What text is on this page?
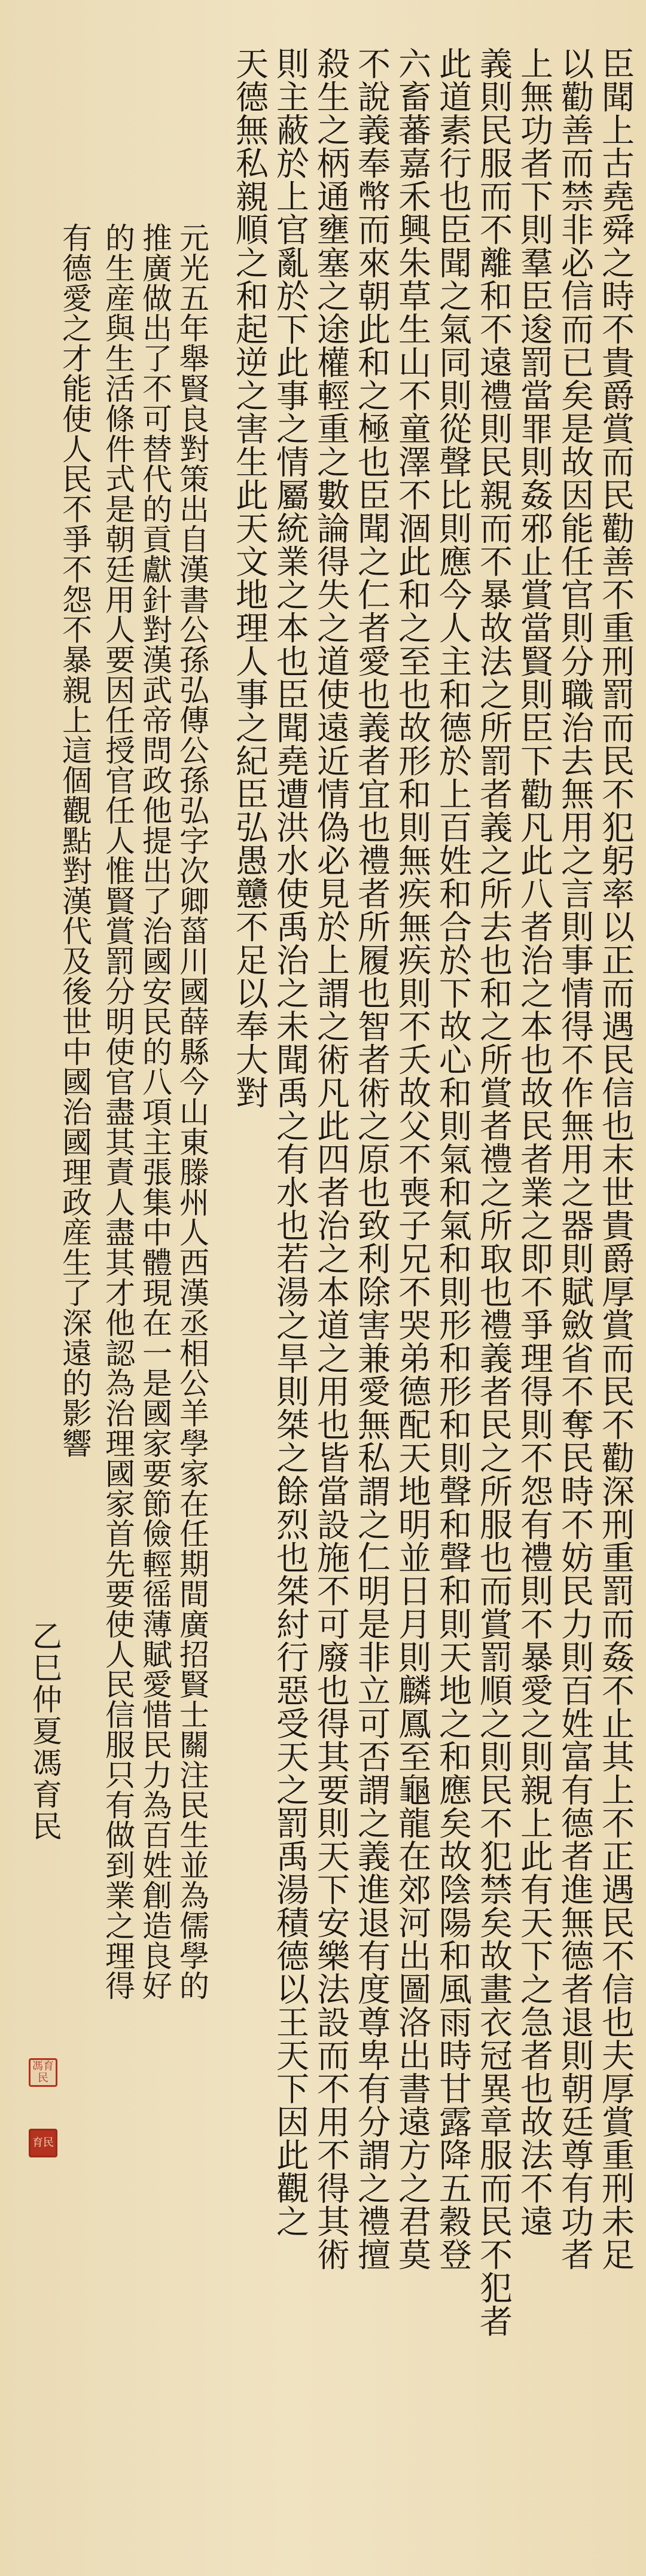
臣聞上古堯舜之時不貴爵賞而民勸善不重刑罰而民不犯躬率以正而遇民信也末世貴爵厚賞而民不勸深刑重罰而姦不止其上不正遇民不信也夫厚賞重刑未足
以勸善而禁非必信而已矣是故因能任官則分職治去無用之言則事情得不作無用之器則賦斂省不奪民時不妨民力則百姓富有德者進無德者退則朝廷尊有功者
上無功者下則羣臣逡罰當罪則姦邪止賞當賢則臣下勸凡此八者治之本也故民者業之即不爭理得則不怨有禮則不暴愛之則親上此有天下之急者也故法不遠
義則民服而不離和不遠禮則民親而不暴故法之所罰者義之所去也和之所賞者禮之所取也禮義者民之所服也而賞罰順之則民不犯禁矣故畫衣冠異章服而民不犯者
此道素行也臣聞之氣同則從聲比則應今人主和德於上百姓和合於下故心和則氣和氣和則形和形和則聲和聲和則天地之和應矣故陰陽和風雨時甘露降五穀登
六畜蕃嘉禾興朱草生山不童澤不涸此和之至也故形和則無疾無疾則不夭故父不喪子兄不哭弟德配天地明並日月則麟鳳至龜龍在郊河出圖洛出書遠方之君莫
不說義奉幣而來朝此和之極也臣聞之仁者愛也義者宜也禮者所履也智者術之原也致利除害兼愛無私謂之仁明是非立可否謂之義進退有度尊卑有分謂之禮擅
殺生之柄通壅塞之途權輕重之數論得失之道使遠近情偽必見於上謂之術凡此四者治之本道之用也皆當設施不可廢也得其要則天下安樂法設而不用不得其術
則主蔽於上官亂於下此事之情屬統業之本也臣聞堯遭洪水使禹治之未聞禹之有水也若湯之旱則桀之餘烈也桀紂行惡受天之罰禹湯積德以王天下因此觀之
天德無私親順之和起逆之害生此天文地理人事之紀臣弘愚戇不足以奉大對
元光五年舉賢良對策出自漢書公孫弘傳公孫弘字次卿菑川國薛縣今山東滕州人西漢丞相公羊學家在任期間廣招賢士關注民生並為儒學的
推廣做出了不可替代的貢獻針對漢武帝問政他提出了治國安民的八項主張集中體現在一是國家要節儉輕徭薄賦愛惜民力為百姓創造良好
的生産與生活條件式是朝廷用人要因任授官任人惟賢賞罰分明使官盡其責人盡其才他認為治理國家首先要使人民信服只有做到業之理得
有德愛之才能使人民不爭不怨不暴親上這個觀點對漢代及後世中國治國理政産生了深遠的影響
乙巳仲夏馮育民
馮育民
育民
